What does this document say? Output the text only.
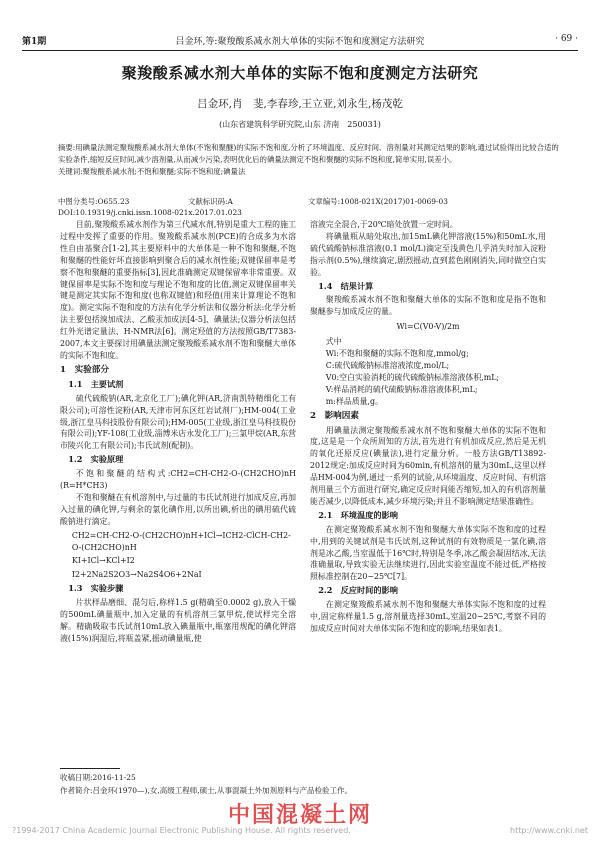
第1期	吕金环,等:聚羧酸系减水剂大单体的实际不饱和度测定方法研究	· 69 ·
聚羧酸系减水剂大单体的实际不饱和度测定方法研究
吕金环,肖　斐,李春珍,王立亚,刘永生,杨茂乾
(山东省建筑科学研究院,山东 济南　250031)

摘要:用碘量法测定聚羧酸系减水剂大单体(不饱和聚醚)的实际不饱和度,分析了环境温度、反应时间、溶剂量对其测定结果的影响,通过试验得出比较合适的实验条件,缩短反应时间,减少溶剂量,从而减少污染,表明优化后的碘量法测定不饱和聚醚的实际不饱和度,简单实用,误差小。

关键词:聚羧酸系减水剂;不饱和聚醚;实际不饱和度;碘量法

中图分类号:O655.23	文献标识码:A	文章编号:1008-021X(2017)01-0069-03
DOI:10.19319/j.cnki.issn.1008-021x.2017.01.023

目前,聚羧酸系减水剂作为第三代减水剂,特别是重大工程的施工过程中发挥了重要的作用。聚羧酸系减水剂(PCE)的合成多为水溶性自由基聚合[1-2],其主要原料中的大单体是一种不饱和聚醚,不饱和聚醚的性能好坏直接影响到聚合后的减水剂性能;双键保留率是考察不饱和聚醚的重要指标[3],因此准确测定双键保留率非常重要。双键保留率是实际不饱和度与理论不饱和度的比值,测定双键保留率关键是测定其实际不饱和度(也称双键值)和羟值(用来计算理论不饱和度)。测定实际不饱和度的方法有化学分析法和仪器分析法:化学分析法主要包括溴加成法、乙酸汞加成法[4-5]、碘量法;仪器分析法包括红外光谱定量法、H-NMR法[6]。测定羟值的方法按照GB/T7383-2007,本文主要探讨用碘量法测定聚羧酸系减水剂不饱和聚醚大单体的实际不饱和度。

1　实验部分
1.1　主要试剂

硫代硫酸钠(AR,北京化工厂);碘化钾(AR,济南凯特精细化工有限公司);可溶性淀粉(AR,天津市河东区红岩试剂厂);HM-004(工业级,浙江皇马科技股份有限公司);HM-005(工业级,浙江皇马科技股份有限公司);YF-108(工业级,淄博米店永发化工厂);三氯甲烷(AR,东营市陵兴化工有限公司);韦氏试剂(配制)。

1.2　实验原理

不饱和聚醚的结构式:CH2=CH-CH2-O-(CH2CHO)nH　(R=H*CH3)

不饱和聚醚在有机溶剂中,与过量的韦氏试剂进行加成反应,再加入过量的碘化钾,与剩余的氯化碘作用,以所出碘,析出的碘用硫代硫酸钠进行滴定。

CH2=CH-CH2-O-(CH2CHO)nH+ICl→ICH2-ClCH-CH2-O-(CH2CHO)nH

KI+ICl→KCl+I2

I2+2Na2S2O3→Na2S4O6+2NaI

1.3　实验步骤

片状样品磨细、混匀后,称样1.5 g(精确至0.0002 g),放入干燥的500mL碘量瓶中,加入定量的有机溶剂三氯甲烷,使试样完全溶解。精确吸取韦氏试剂10mL放入碘量瓶中,瓶塞用规配的碘化钾溶液(15%)润湿后,将瓶盖紧,摇动碘量瓶,使

溶液完全混合,于20℃暗处放置一定时间。

将碘量瓶从暗处取出,加15mL碘化钾溶液(15%)和50mL水,用硫代硫酸钠标准溶液(0.1 mol/L)滴定至浅黄色几乎消失时加入淀粉指示剂(0.5%),继续滴定,剧烈摇动,直到蓝色刚刚消失,同时做空白实验。

1.4　结果计算

聚羧酸系减水剂不饱和聚醚大单体的实际不饱和度是指不饱和聚醚参与加成反应的量。

Wi=C(V0-V)/2m

式中

Wi:不饱和聚醚的实际不饱和度,mmol/g;

C:硫代硫酸钠标准溶液浓度,mol/L;

V0:空白实验消耗的硫代硫酸钠标准溶液体积,mL;

V:样品消耗的硫代硫酸钠标准溶液体积,mL;

m:样品质量,g。

2　影响因素

用碘量法测定聚羧酸系减水剂不饱和聚醚大单体的实际不饱和度,这是是一个众所周知的方法,首先进行有机加成反应,然后是无机的氧化还原反应(碘量法),进行定量分析。一般方法GB/T13892-2012规定:加成反应时间为60min,有机溶剂的量为30mL,这里以样品HM-004为例,通过一系列的试验,从环境温度、反应时间、有机溶剂用量三个方面进行研究,确定反应时间能否缩短,加入的有机溶剂量能否减少,以降低成本,减少环境污染;并且不影响测定结果准确性。

2.1　环境温度的影响

在测定聚羧酸系减水剂不饱和聚醚大单体实际不饱和度的过程中,用到的关键试剂是韦氏试剂,这种试剂的有效物质是一氯化碘,溶剂是冰乙酸,当室温低于16℃时,特别是冬季,冰乙酸会凝固结冰,无法准确量取,导致实验无法继续进行,因此实验室温度不能过低,严格按照标准控制在20~25℃[7]。

2.2　反应时间的影响

在测定聚羧酸系减水剂不饱和聚醚大单体实际不饱和度的过程中,固定称样量1.5 g,溶剂量选择30mL,室温20~25℃,考察不同的加成反应时间对大单体实际不饱和度的影响,结果如表1。

收稿日期:2016-11-25
作者简介:吕金环(1970—),女,高级工程师,硕士,从事混凝土外加剂原料与产品检验工作。
中国混凝土网
?1994-2017 China Academic Journal Electronic Publishing House. All rights reserved.	http://www.cnki.net
